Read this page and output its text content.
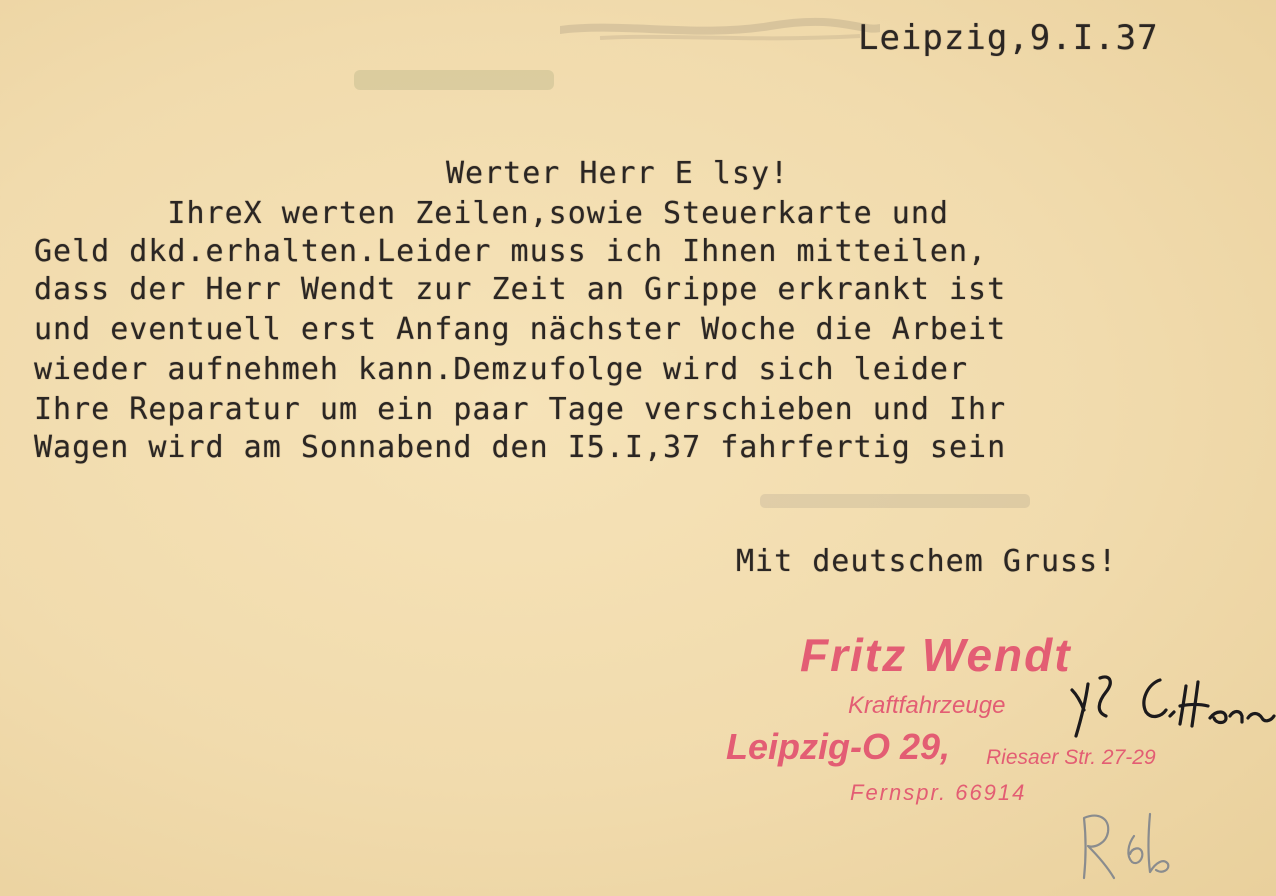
Leipzig,9.I.37
Werter Herr E lsy!
IhreX werten Zeilen,sowie Steuerkarte und
Geld dkd.erhalten.Leider muss ich Ihnen mitteilen,
dass der Herr Wendt zur Zeit an Grippe erkrankt ist
und eventuell erst Anfang nächster Woche die Arbeit
wieder aufnehmeh kann.Demzufolge wird sich leider
Ihre Reparatur um ein paar Tage verschieben und Ihr
Wagen wird am Sonnabend den I5.I,37 fahrfertig sein
Mit deutschem Gruss!
Fritz Wendt
Kraftfahrzeuge
Leipzig-O 29, Riesaer Str. 27-29
Fernspr. 66914
